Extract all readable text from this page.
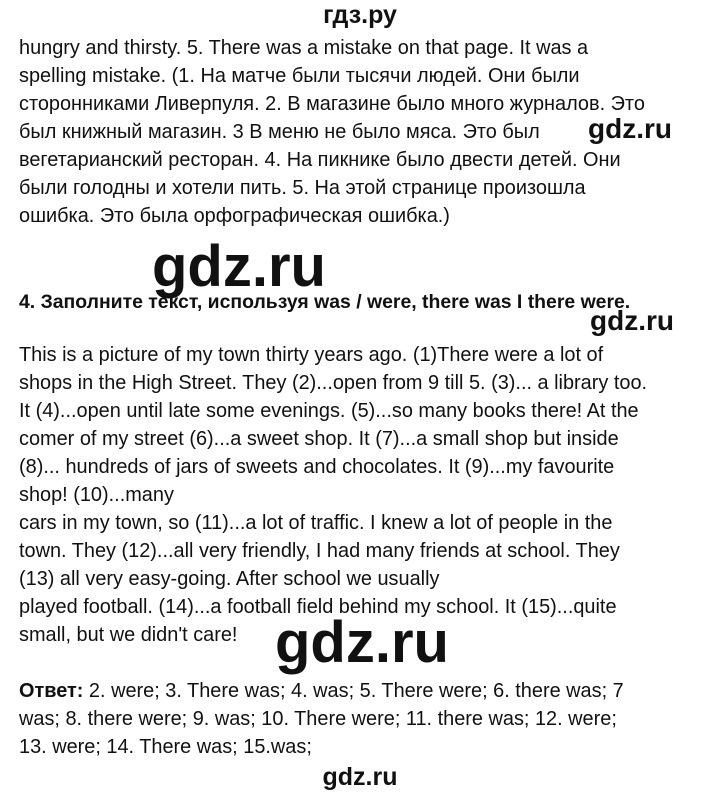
гдз.ру
hungry and thirsty. 5. There was a mistake on that page. It was a
spelling mistake. (1. На матче были тысячи людей. Они были
сторонниками Ливерпуля. 2. В магазине было много журналов. Это
был книжный магазин. 3 В меню не было мяса. Это был
вегетарианский ресторан. 4. На пикнике было двести детей. Они
были голодны и хотели пить. 5. На этой странице произошла
ошибка. Это была орфографическая ошибка.)
gdz.ru
gdz.ru
4. Заполните текст, используя was / were, there was I there were.
gdz.ru
This is a picture of my town thirty years ago. (1)There were a lot of
shops in the High Street. They (2)...open from 9 till 5. (3)... a library too.
It (4)...open until late some evenings. (5)...so many books there! At the
comer of my street (6)...a sweet shop. It (7)...a small shop but inside
(8)... hundreds of jars of sweets and chocolates. It (9)...my favourite
shop! (10)...many
cars in my town, so (11)...a lot of traffic. I knew a lot of people in the
town. They (12)...all very friendly, I had many friends at school. They
(13) all very easy-going. After school we usually
played football. (14)...a football field behind my school. It (15)...quite
small, but we didn't care! gdz.ru
Ответ: 2. were; 3. There was; 4. was; 5. There were; 6. there was; 7
was; 8. there were; 9. was; 10. There were; 11. there was; 12. were;
13. were; 14. There was; 15.was;
gdz.ru
